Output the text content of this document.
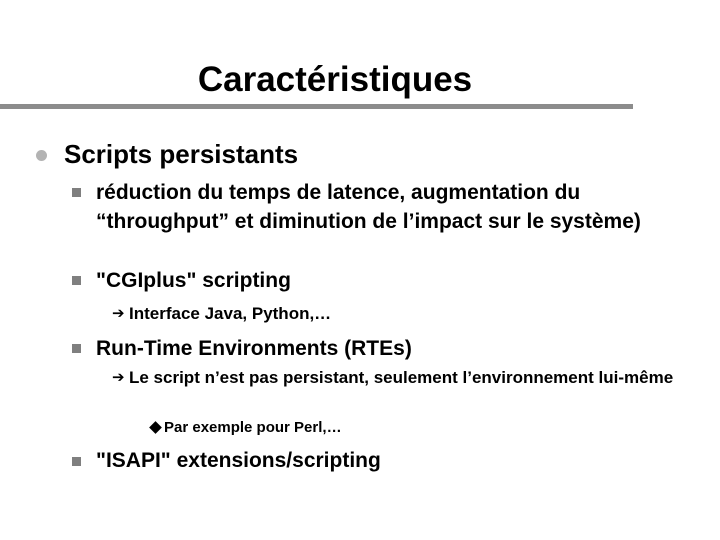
Caractéristiques
Scripts persistants
réduction du temps de latence, augmentation du “throughput” et diminution de l’impact sur le système)
"CGIplus" scripting
➔ Interface Java, Python,…
Run-Time Environments (RTEs)
➔ Le script n’est pas persistant, seulement l’environnement lui-même
Par exemple pour Perl,…
"ISAPI" extensions/scripting
